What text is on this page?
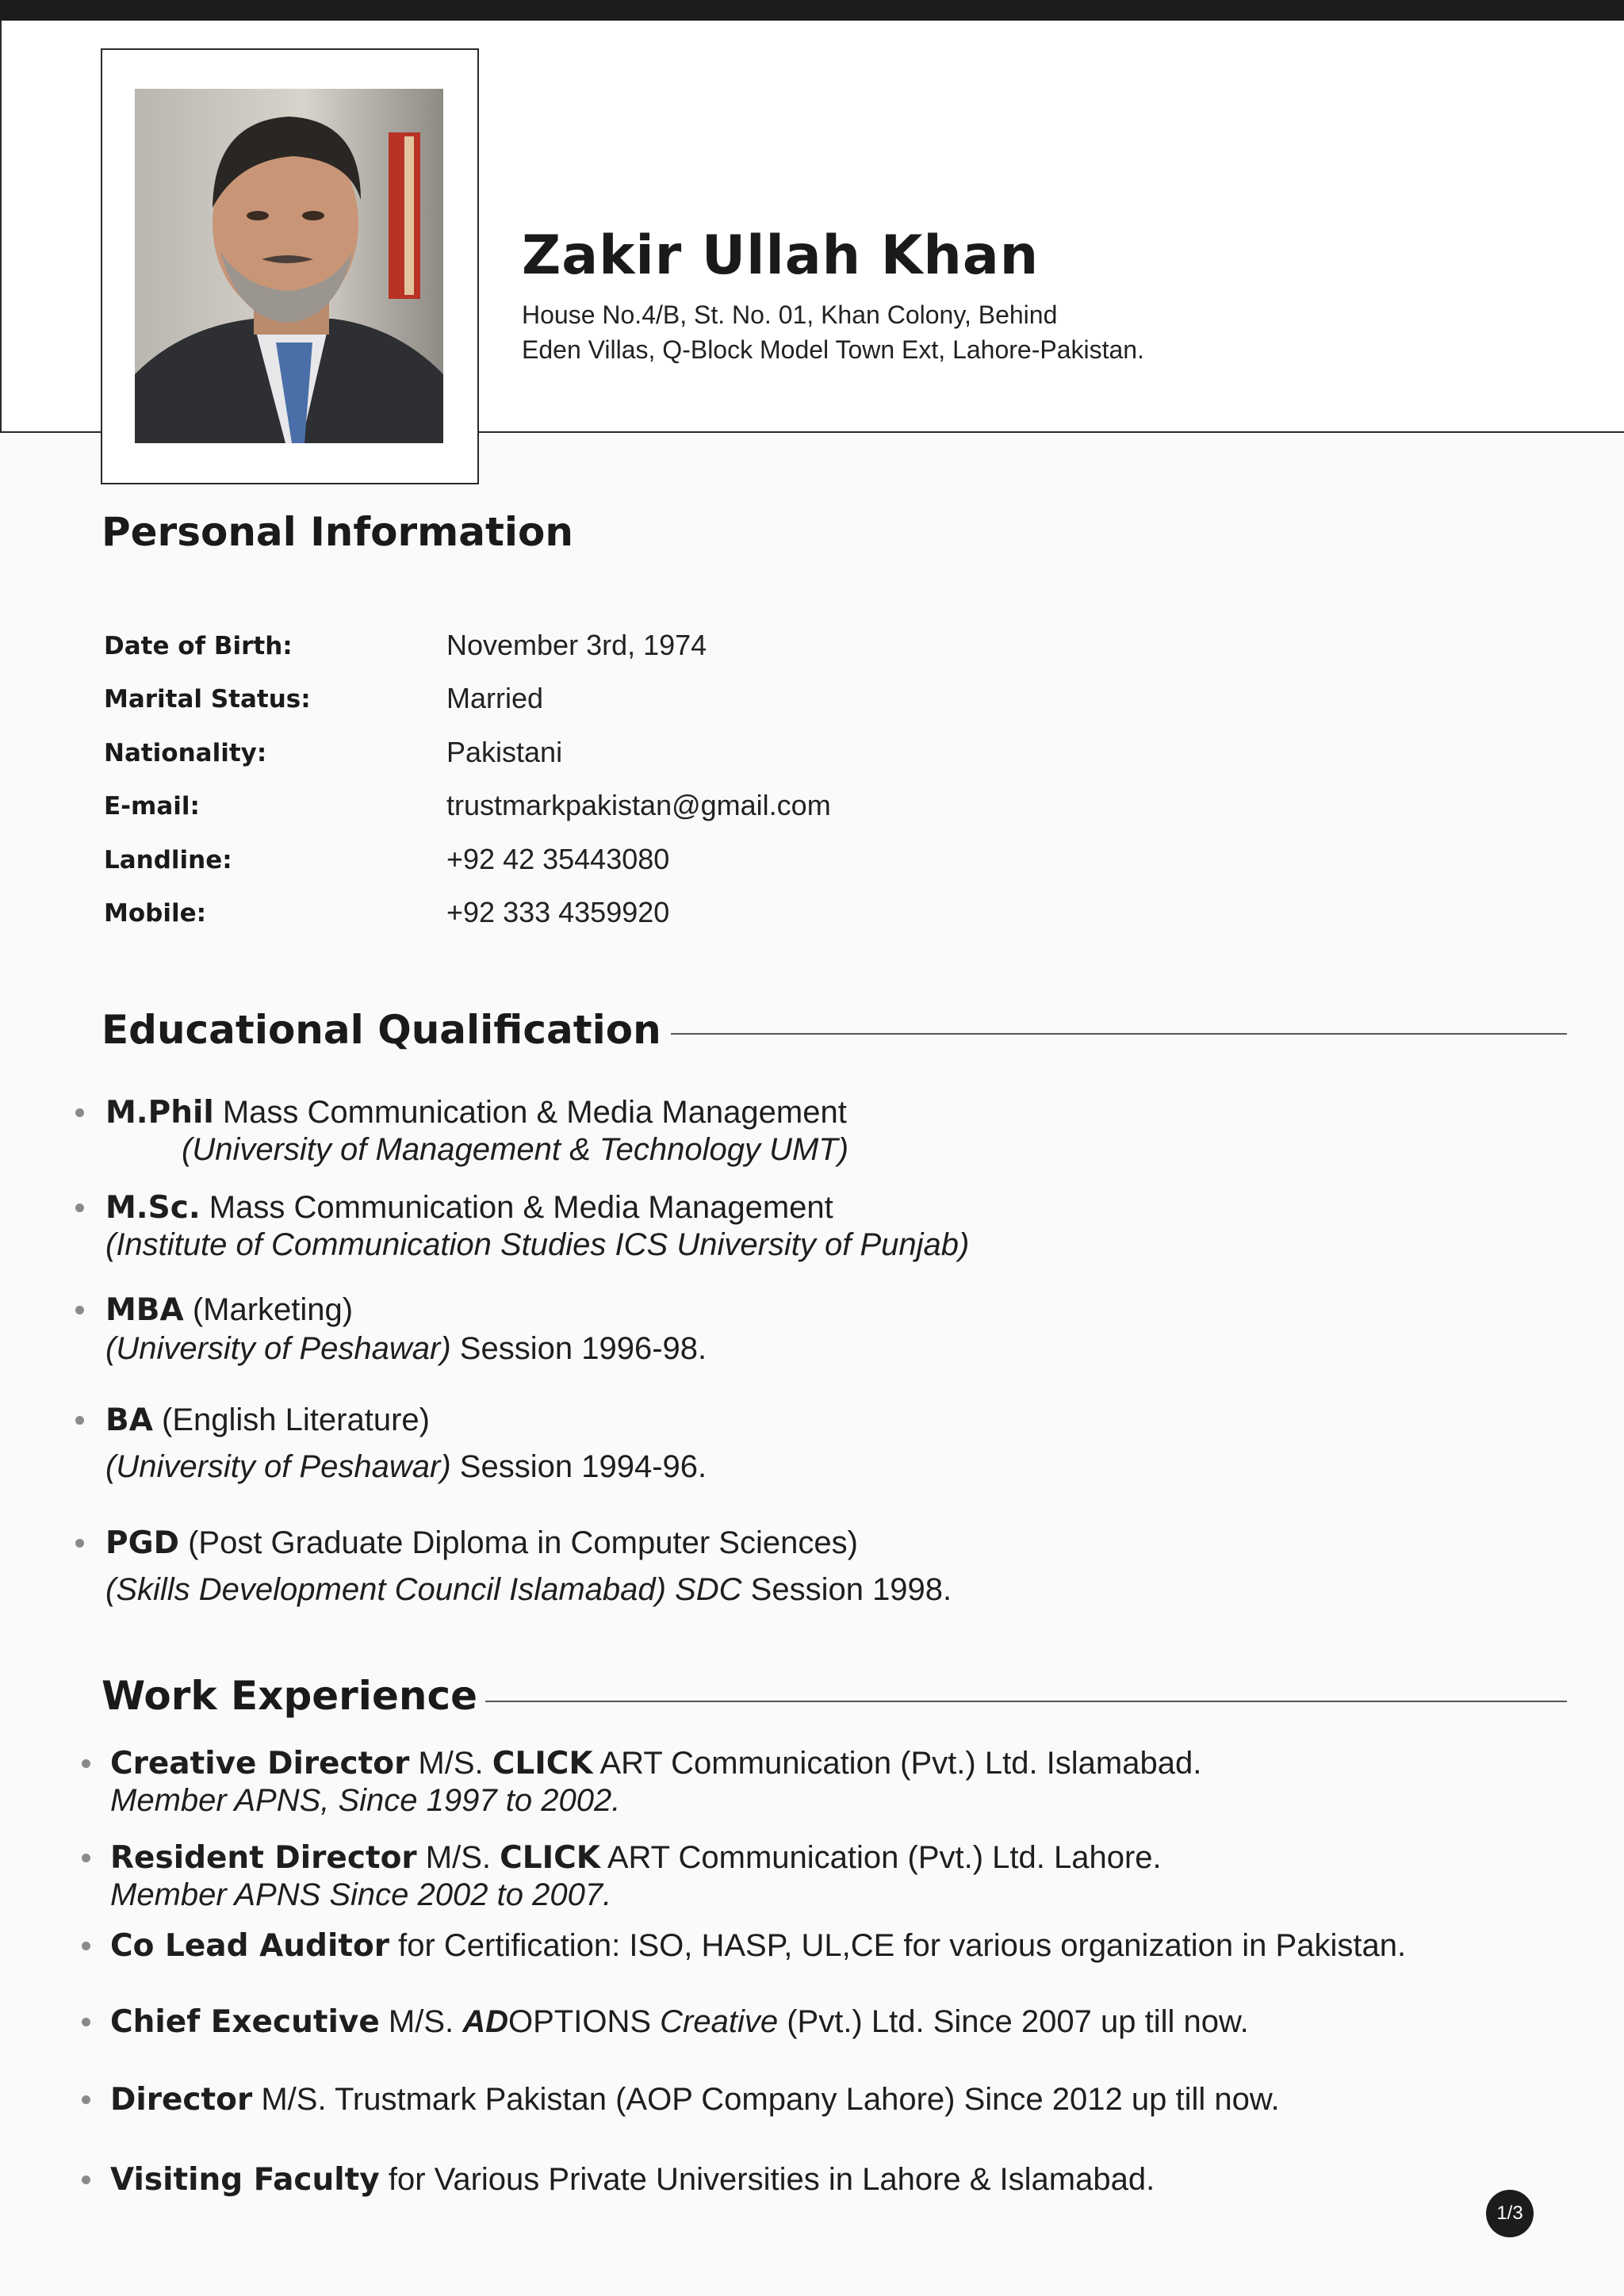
Zakir Ullah Khan
House No.4/B, St. No. 01, Khan Colony, Behind
Eden Villas, Q-Block Model Town Ext, Lahore-Pakistan.
Personal Information
Date of Birth:	November 3rd, 1974
Marital Status:	Married
Nationality:	Pakistani
E-mail:	trustmarkpakistan@gmail.com
Landline:	+92 42 35443080
Mobile:	+92 333 4359920
Educational Qualification
M.Phil Mass Communication & Media Management
(University of Management & Technology UMT)
M.Sc. Mass Communication & Media Management
(Institute of Communication Studies ICS University of Punjab)
MBA (Marketing)
(University of Peshawar) Session 1996-98.
BA (English Literature)
(University of Peshawar) Session 1994-96.
PGD (Post Graduate Diploma in Computer Sciences)
(Skills Development Council Islamabad) SDC Session 1998.
Work Experience
Creative Director M/S. CLICK ART Communication (Pvt.) Ltd. Islamabad.
Member APNS, Since 1997 to 2002.
Resident Director M/S. CLICK ART Communication (Pvt.) Ltd. Lahore.
Member APNS Since 2002 to 2007.
Co Lead Auditor for Certification: ISO, HASP, UL,CE for various organization in Pakistan.
Chief Executive M/S. ADOPTIONS Creative (Pvt.) Ltd. Since 2007 up till now.
Director M/S. Trustmark Pakistan (AOP Company Lahore) Since 2012 up till now.
Visiting Faculty for Various Private Universities in Lahore & Islamabad.
1/3
